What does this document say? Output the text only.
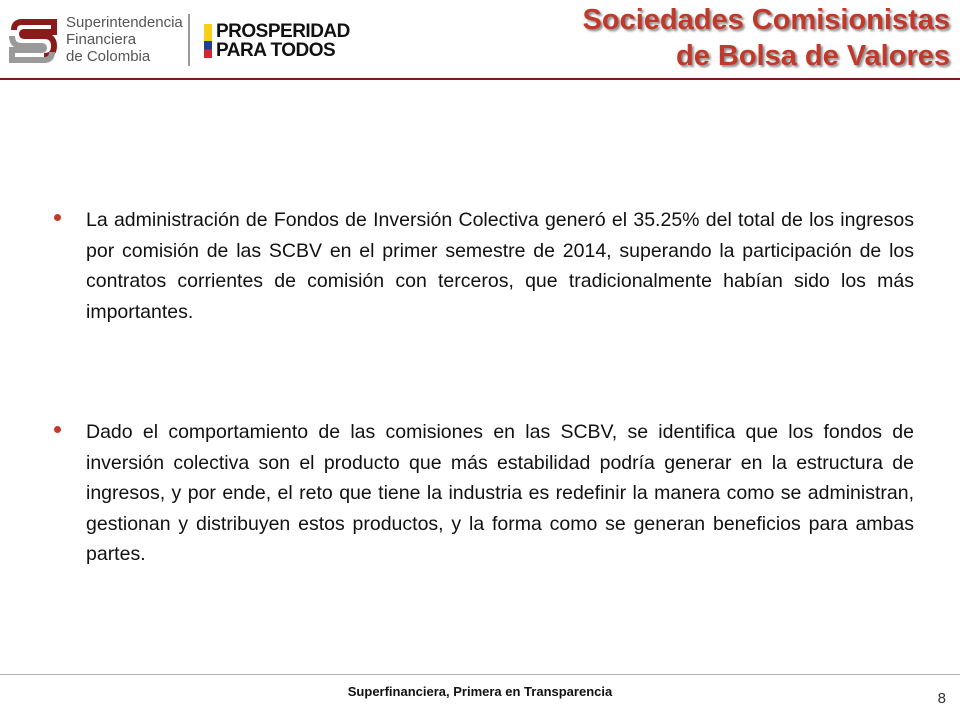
Superintendencia
Financiera
de Colombia
PROSPERIDAD
PARA TODOS
Sociedades Comisionistas
de Bolsa de Valores
La administración de Fondos de Inversión Colectiva generó el 35.25% del total de los ingresos por comisión de las SCBV en el primer semestre de 2014, superando la participación de los contratos corrientes de comisión con terceros, que tradicionalmente habían sido los más importantes.
Dado el comportamiento de las comisiones en las SCBV, se identifica que los fondos de inversión colectiva son el producto que más estabilidad podría generar en la estructura de ingresos, y por ende, el reto que tiene la industria es redefinir la manera como se administran, gestionan y distribuyen estos productos, y la forma como se generan beneficios para ambas partes.
Superfinanciera, Primera en Transparencia	8
